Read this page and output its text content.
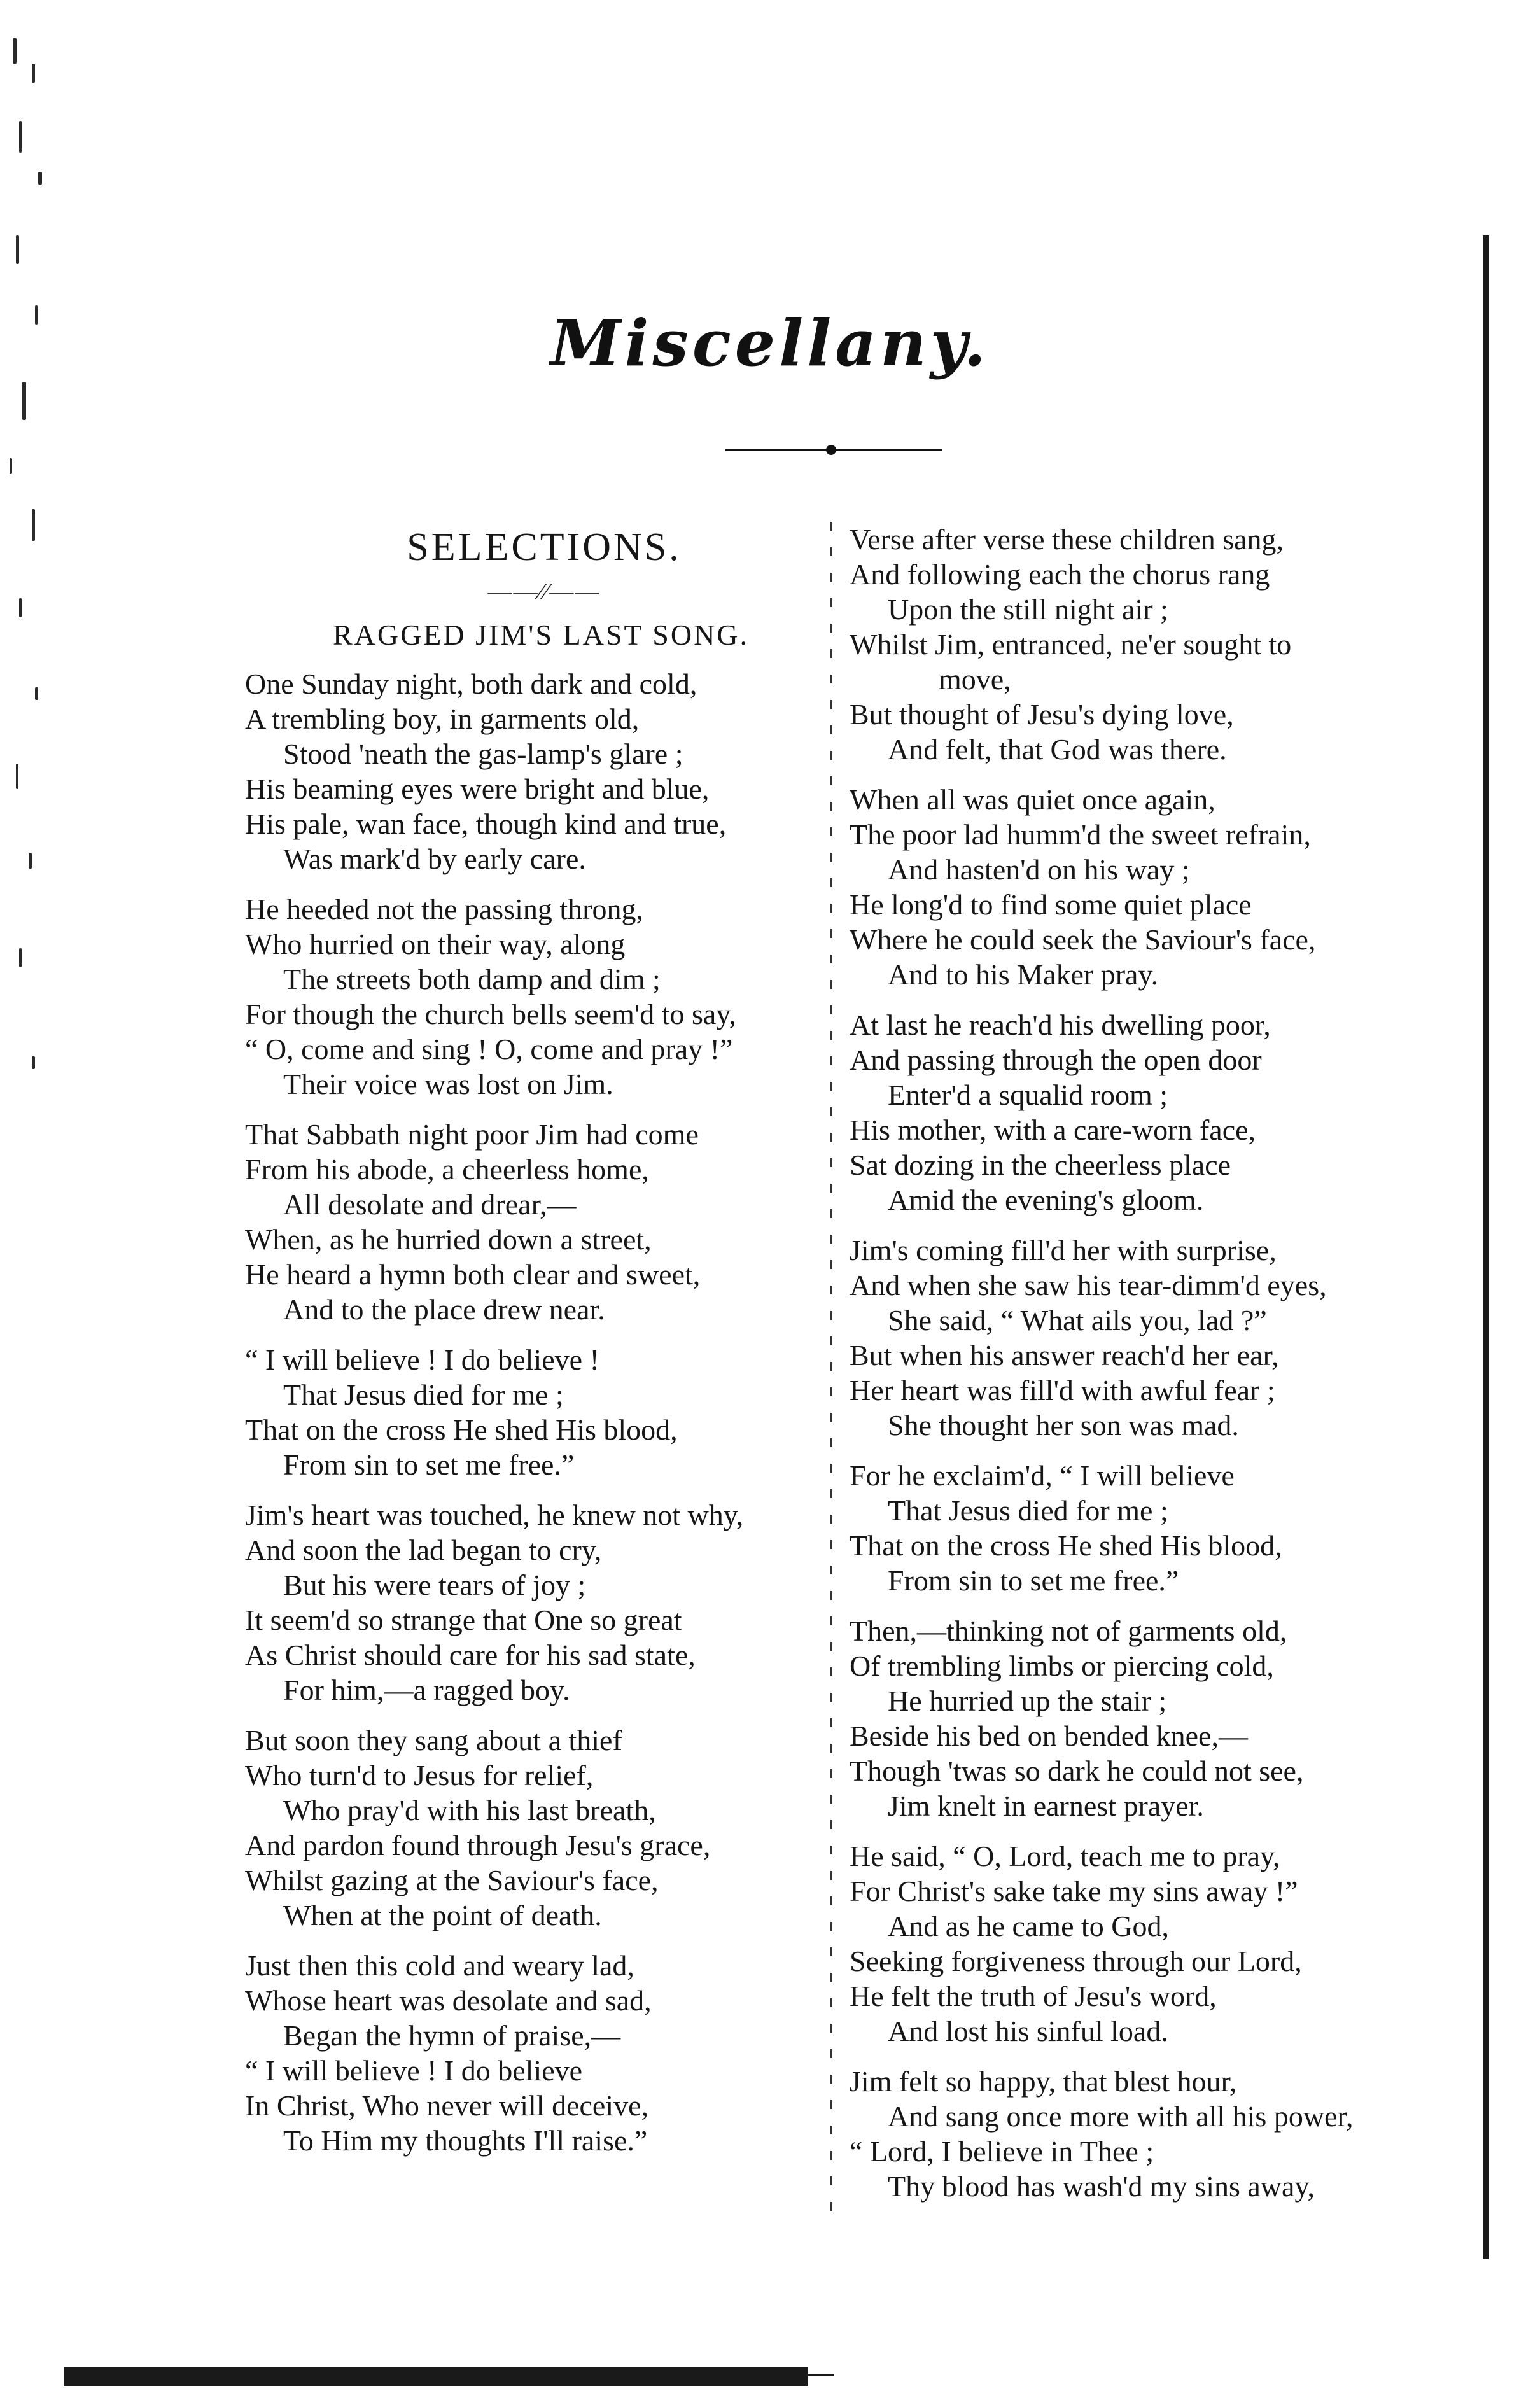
Miscellany.
SELECTIONS.
——∕∕——
RAGGED JIM'S LAST SONG.
One Sunday night, both dark and cold,
A trembling boy, in garments old,
Stood 'neath the gas-lamp's glare ;
His beaming eyes were bright and blue,
His pale, wan face, though kind and true,
Was mark'd by early care.
He heeded not the passing throng,
Who hurried on their way, along
The streets both damp and dim ;
For though the church bells seem'd to say,
“ O, come and sing ! O, come and pray !”
Their voice was lost on Jim.
That Sabbath night poor Jim had come
From his abode, a cheerless home,
All desolate and drear,—
When, as he hurried down a street,
He heard a hymn both clear and sweet,
And to the place drew near.
“ I will believe ! I do believe !
That Jesus died for me ;
That on the cross He shed His blood,
From sin to set me free.”
Jim's heart was touched, he knew not why,
And soon the lad began to cry,
But his were tears of joy ;
It seem'd so strange that One so great
As Christ should care for his sad state,
For him,—a ragged boy.
But soon they sang about a thief
Who turn'd to Jesus for relief,
Who pray'd with his last breath,
And pardon found through Jesu's grace,
Whilst gazing at the Saviour's face,
When at the point of death.
Just then this cold and weary lad,
Whose heart was desolate and sad,
Began the hymn of praise,—
“ I will believe ! I do believe
In Christ, Who never will deceive,
To Him my thoughts I'll raise.”
Verse after verse these children sang,
And following each the chorus rang
Upon the still night air ;
Whilst Jim, entranced, ne'er sought to
move,
But thought of Jesu's dying love,
And felt, that God was there.
When all was quiet once again,
The poor lad humm'd the sweet refrain,
And hasten'd on his way ;
He long'd to find some quiet place
Where he could seek the Saviour's face,
And to his Maker pray.
At last he reach'd his dwelling poor,
And passing through the open door
Enter'd a squalid room ;
His mother, with a care-worn face,
Sat dozing in the cheerless place
Amid the evening's gloom.
Jim's coming fill'd her with surprise,
And when she saw his tear-dimm'd eyes,
She said, “ What ails you, lad ?”
But when his answer reach'd her ear,
Her heart was fill'd with awful fear ;
She thought her son was mad.
For he exclaim'd, “ I will believe
That Jesus died for me ;
That on the cross He shed His blood,
From sin to set me free.”
Then,—thinking not of garments old,
Of trembling limbs or piercing cold,
He hurried up the stair ;
Beside his bed on bended knee,—
Though 'twas so dark he could not see,
Jim knelt in earnest prayer.
He said, “ O, Lord, teach me to pray,
For Christ's sake take my sins away !”
And as he came to God,
Seeking forgiveness through our Lord,
He felt the truth of Jesu's word,
And lost his sinful load.
Jim felt so happy, that blest hour,
And sang once more with all his power,
“ Lord, I believe in Thee ;
Thy blood has wash'd my sins away,
